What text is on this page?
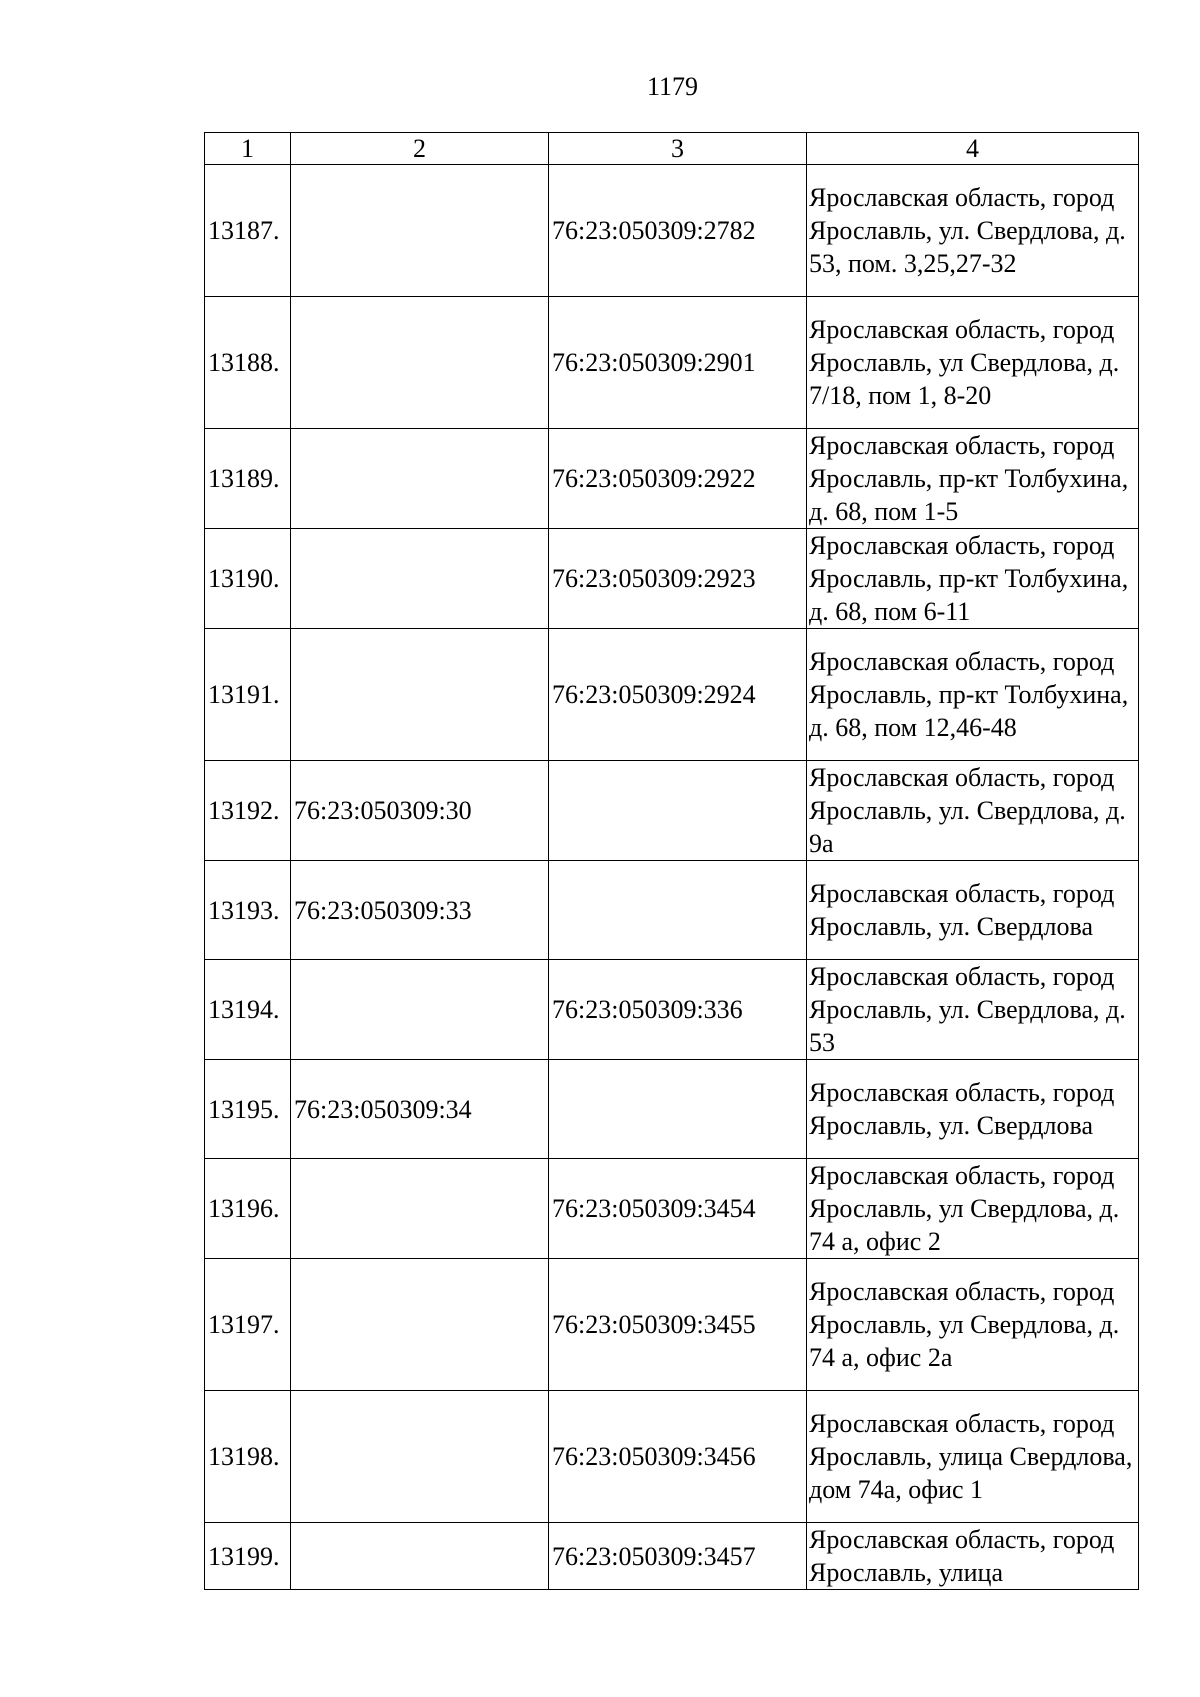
1179
1	2	3	4
13187.		76:23:050309:2782	Ярославская область, город Ярославль, ул. Свердлова, д. 53, пом. 3,25,27-32
13188.		76:23:050309:2901	Ярославская область, город Ярославль, ул Свердлова, д. 7/18, пом 1, 8-20
13189.		76:23:050309:2922	Ярославская область, город Ярославль, пр-кт Толбухина, д. 68, пом 1-5
13190.		76:23:050309:2923	Ярославская область, город Ярославль, пр-кт Толбухина, д. 68, пом 6-11
13191.		76:23:050309:2924	Ярославская область, город Ярославль, пр-кт Толбухина, д. 68, пом 12,46-48
13192.	76:23:050309:30		Ярославская область, город Ярославль, ул. Свердлова, д. 9а
13193.	76:23:050309:33		Ярославская область, город Ярославль, ул. Свердлова
13194.		76:23:050309:336	Ярославская область, город Ярославль, ул. Свердлова, д. 53
13195.	76:23:050309:34		Ярославская область, город Ярославль, ул. Свердлова
13196.		76:23:050309:3454	Ярославская область, город Ярославль, ул Свердлова, д. 74 а, офис 2
13197.		76:23:050309:3455	Ярославская область, город Ярославль, ул Свердлова, д. 74 а, офис 2а
13198.		76:23:050309:3456	Ярославская область, город Ярославль, улица Свердлова, дом 74а, офис 1
13199.		76:23:050309:3457	Ярославская область, город Ярославль, улица
